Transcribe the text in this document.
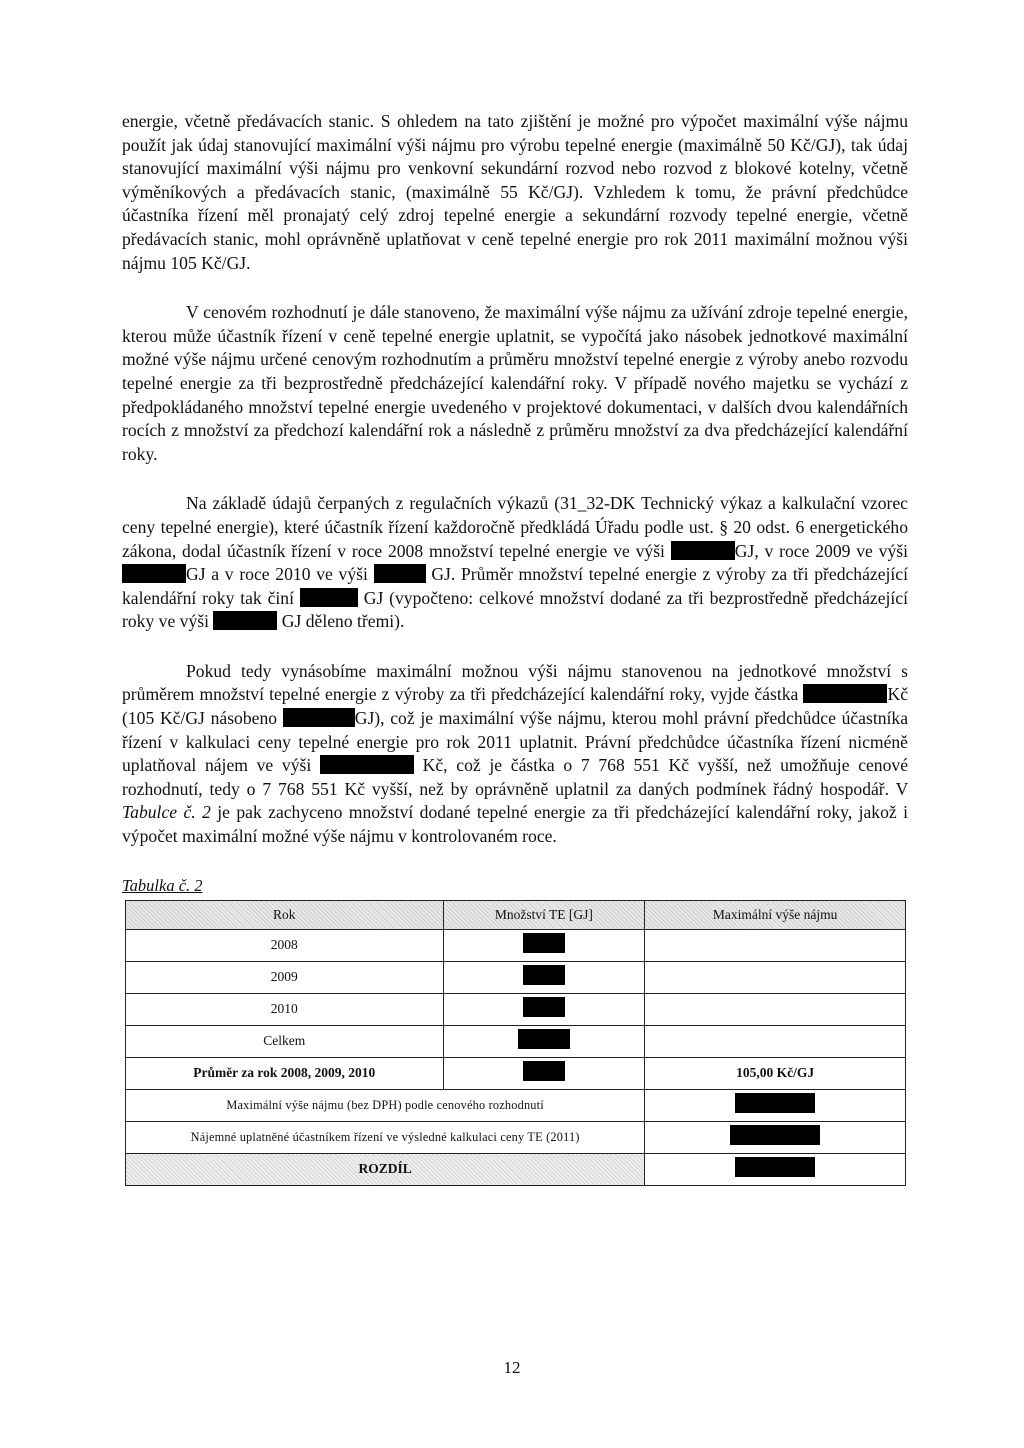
energie, včetně předávacích stanic. S ohledem na tato zjištění je možné pro výpočet maximální výše nájmu použít jak údaj stanovující maximální výši nájmu pro výrobu tepelné energie (maximálně 50 Kč/GJ), tak údaj stanovující maximální výši nájmu pro venkovní sekundární rozvod nebo rozvod z blokové kotelny, včetně výměníkových a předávacích stanic, (maximálně 55 Kč/GJ). Vzhledem k tomu, že právní předchůdce účastníka řízení měl pronajatý celý zdroj tepelné energie a sekundární rozvody tepelné energie, včetně předávacích stanic, mohl oprávněně uplatňovat v ceně tepelné energie pro rok 2011 maximální možnou výši nájmu 105 Kč/GJ.

V cenovém rozhodnutí je dále stanoveno, že maximální výše nájmu za užívání zdroje tepelné energie, kterou může účastník řízení v ceně tepelné energie uplatnit, se vypočítá jako násobek jednotkové maximální možné výše nájmu určené cenovým rozhodnutím a průměru množství tepelné energie z výroby anebo rozvodu tepelné energie za tři bezprostředně předcházející kalendářní roky. V případě nového majetku se vychází z předpokládaného množství tepelné energie uvedeného v projektové dokumentaci, v dalších dvou kalendářních rocích z množství za předchozí kalendářní rok a následně z průměru množství za dva předcházející kalendářní roky.

Na základě údajů čerpaných z regulačních výkazů (31_32-DK Technický výkaz a kalkulační vzorec ceny tepelné energie), které účastník řízení každoročně předkládá Úřadu podle ust. § 20 odst. 6 energetického zákona, dodal účastník řízení v roce 2008 množství tepelné energie ve výši	GJ, v roce 2009 ve výši GJ a v roce 2010 ve výši	GJ. Průměr množství tepelné energie z výroby za tři předcházející kalendářní roky tak činí	GJ (vypočteno: celkové množství dodané za tři bezprostředně předcházející roky ve výši	GJ děleno třemi).

Pokud tedy vynásobíme maximální možnou výši nájmu stanovenou na jednotkové množství s průměrem množství tepelné energie z výroby za tři předcházející kalendářní roky, vyjde částka	Kč (105 Kč/GJ násobeno	GJ), což je maximální výše nájmu, kterou mohl právní předchůdce účastníka řízení v kalkulaci ceny tepelné energie pro rok 2011 uplatnit. Právní předchůdce účastníka řízení nicméně uplatňoval nájem ve výši	Kč, což je částka o 7 768 551 Kč vyšší, než umožňuje cenové rozhodnutí, tedy o 7 768 551 Kč vyšší, než by oprávněně uplatnil za daných podmínek řádný hospodář. V Tabulce č. 2 je pak zachyceno množství dodané tepelné energie za tři předcházející kalendářní roky, jakož i výpočet maximální možné výše nájmu v kontrolovaném roce.

Tabulka č. 2
Rok	Množství TE [GJ]	Maximální výše nájmu
2008		
2009		
2010		
Celkem		
Průměr za rok 2008, 2009, 2010		105,00 Kč/GJ
Maximální výše nájmu (bez DPH) podle cenového rozhodnutí		
Nájemné uplatněné účastníkem řízení ve výsledné kalkulaci ceny TE (2011)		
ROZDÍL		
12
